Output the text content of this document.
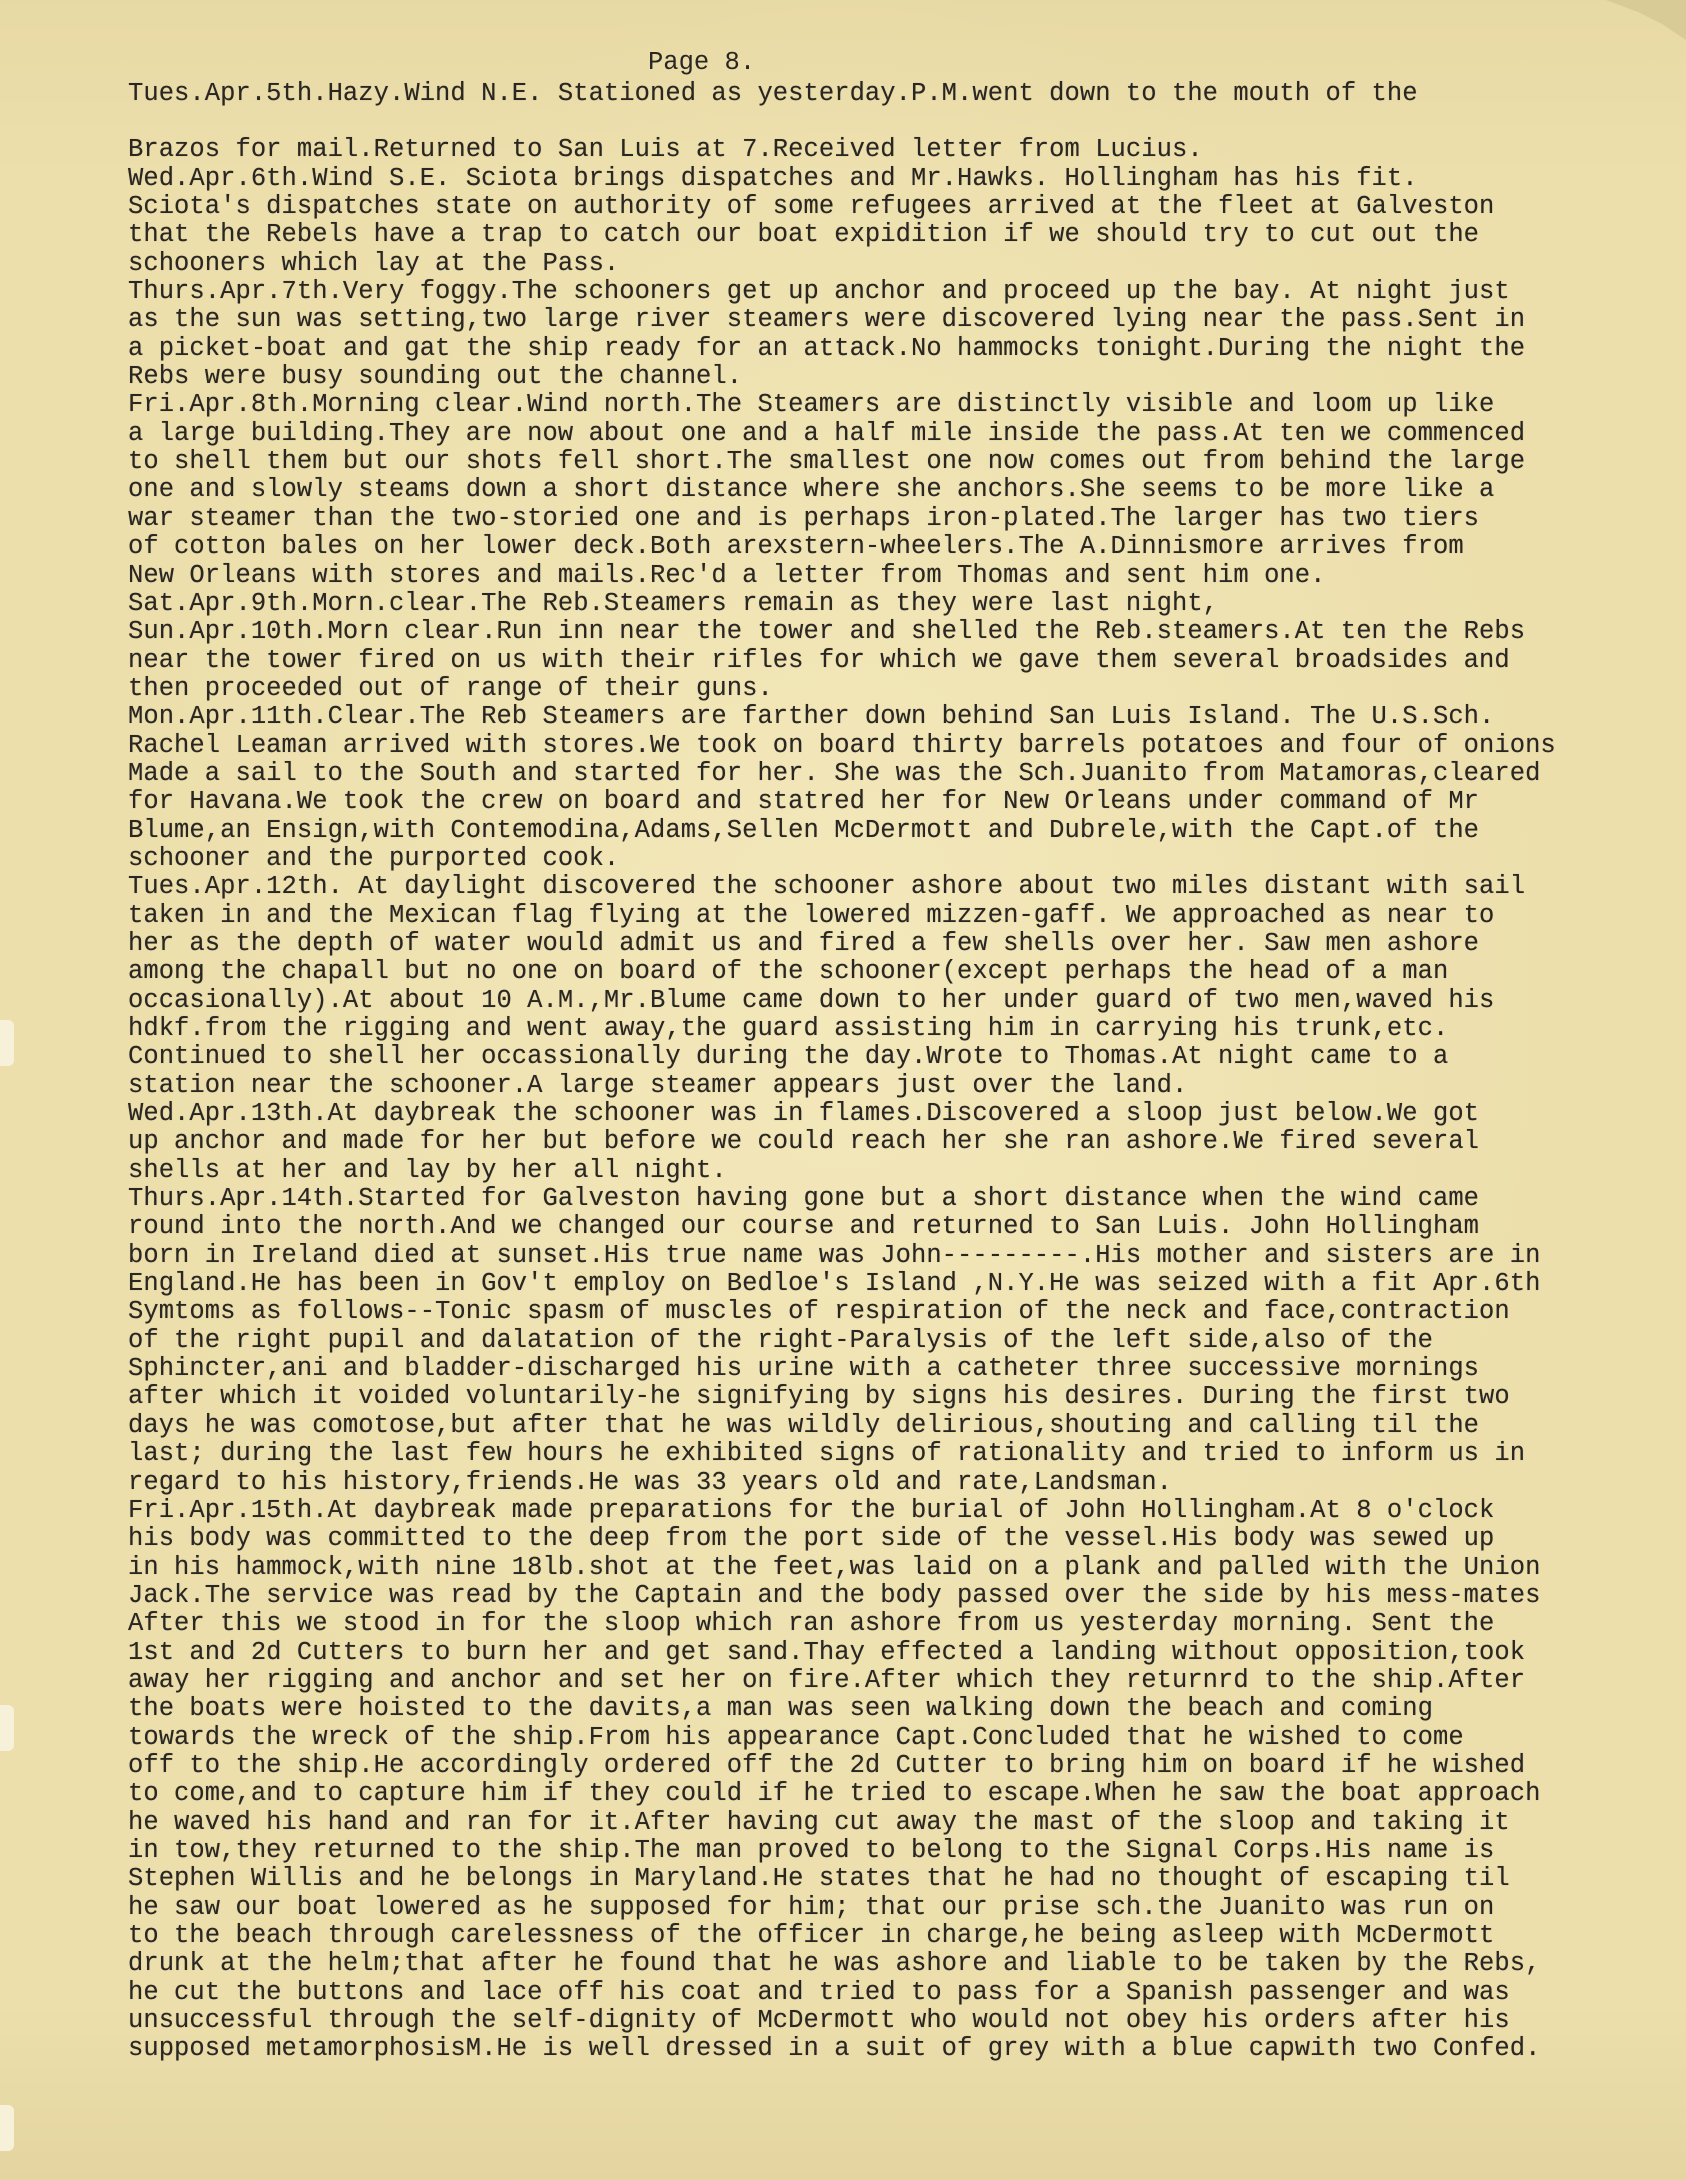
Page 8.

Tues.Apr.5th.Hazy.Wind N.E. Stationed as yesterday.P.M.went down to the mouth of the

Brazos for mail.Returned to San Luis at 7.Received letter from Lucius.

Wed.Apr.6th.Wind S.E. Sciota brings dispatches and Mr.Hawks. Hollingham has his fit.

Sciota's dispatches state on authority of some refugees arrived at the fleet at Galveston

that the Rebels have a trap to catch our boat expidition if we should try to cut out the

schooners which lay at the Pass.

Thurs.Apr.7th.Very foggy.The schooners get up anchor and proceed up the bay. At night just

as the sun was setting,two large river steamers were discovered lying near the pass.Sent in

a picket-boat and gat the ship ready for an attack.No hammocks tonight.During the night the

Rebs were busy sounding out the channel.

Fri.Apr.8th.Morning clear.Wind north.The Steamers are distinctly visible and loom up like

a large building.They are now about one and a half mile inside the pass.At ten we commenced

to shell them but our shots fell short.The smallest one now comes out from behind the large

one and slowly steams down a short distance where she anchors.She seems to be more like a

war steamer than the two-storied one and is perhaps iron-plated.The larger has two tiers

of cotton bales on her lower deck.Both arexstern-wheelers.The A.Dinnismore arrives from

New Orleans with stores and mails.Rec'd a letter from Thomas and sent him one.

Sat.Apr.9th.Morn.clear.The Reb.Steamers remain as they were last night,

Sun.Apr.10th.Morn clear.Run inn near the tower and shelled the Reb.steamers.At ten the Rebs

near the tower fired on us with their rifles for which we gave them several broadsides and

then proceeded out of range of their guns.

Mon.Apr.11th.Clear.The Reb Steamers are farther down behind San Luis Island. The U.S.Sch.

Rachel Leaman arrived with stores.We took on board thirty barrels potatoes and four of onions

Made a sail to the South and started for her. She was the Sch.Juanito from Matamoras,cleared

for Havana.We took the crew on board and statred her for New Orleans under command of Mr

Blume,an Ensign,with Contemodina,Adams,Sellen McDermott and Dubrele,with the Capt.of the

schooner and the purported cook.

Tues.Apr.12th. At daylight discovered the schooner ashore about two miles distant with sail

taken in and the Mexican flag flying at the lowered mizzen-gaff. We approached as near to

her as the depth of water would admit us and fired a few shells over her. Saw men ashore

among the chapall but no one on board of the schooner(except perhaps the head of a man

occasionally).At about 10 A.M.,Mr.Blume came down to her under guard of two men,waved his

hdkf.from the rigging and went away,the guard assisting him in carrying his trunk,etc.

Continued to shell her occassionally during the day.Wrote to Thomas.At night came to a

station near the schooner.A large steamer appears just over the land.

Wed.Apr.13th.At daybreak the schooner was in flames.Discovered a sloop just below.We got

up anchor and made for her but before we could reach her she ran ashore.We fired several

shells at her and lay by her all night.

Thurs.Apr.14th.Started for Galveston having gone but a short distance when the wind came

round into the north.And we changed our course and returned to San Luis. John Hollingham

born in Ireland died at sunset.His true name was John---------.His mother and sisters are in

England.He has been in Gov't employ on Bedloe's Island ,N.Y.He was seized with a fit Apr.6th

Symtoms as follows--Tonic spasm of muscles of respiration of the neck and face,contraction

of the right pupil and dalatation of the right-Paralysis of the left side,also of the

Sphincter,ani and bladder-discharged his urine with a catheter three successive mornings

after which it voided voluntarily-he signifying by signs his desires. During the first two

days he was comotose,but after that he was wildly delirious,shouting and calling til the

last; during the last few hours he exhibited signs of rationality and tried to inform us in

regard to his history,friends.He was 33 years old and rate,Landsman.

Fri.Apr.15th.At daybreak made preparations for the burial of John Hollingham.At 8 o'clock

his body was committed to the deep from the port side of the vessel.His body was sewed up

in his hammock,with nine 18lb.shot at the feet,was laid on a plank and palled with the Union

Jack.The service was read by the Captain and the body passed over the side by his mess-mates

After this we stood in for the sloop which ran ashore from us yesterday morning. Sent the

1st and 2d Cutters to burn her and get sand.Thay effected a landing without opposition,took

away her rigging and anchor and set her on fire.After which they returnrd to the ship.After

the boats were hoisted to the davits,a man was seen walking down the beach and coming

towards the wreck of the ship.From his appearance Capt.Concluded that he wished to come

off to the ship.He accordingly ordered off the 2d Cutter to bring him on board if he wished

to come,and to capture him if they could if he tried to escape.When he saw the boat approach

he waved his hand and ran for it.After having cut away the mast of the sloop and taking it

in tow,they returned to the ship.The man proved to belong to the Signal Corps.His name is

Stephen Willis and he belongs in Maryland.He states that he had no thought of escaping til

he saw our boat lowered as he supposed for him; that our prise sch.the Juanito was run on

to the beach through carelessness of the officer in charge,he being asleep with McDermott

drunk at the helm;that after he found that he was ashore and liable to be taken by the Rebs,

he cut the buttons and lace off his coat and tried to pass for a Spanish passenger and was

unsuccessful through the self-dignity of McDermott who would not obey his orders after his

supposed metamorphosisM.He is well dressed in a suit of grey with a blue capwith two Confed.
